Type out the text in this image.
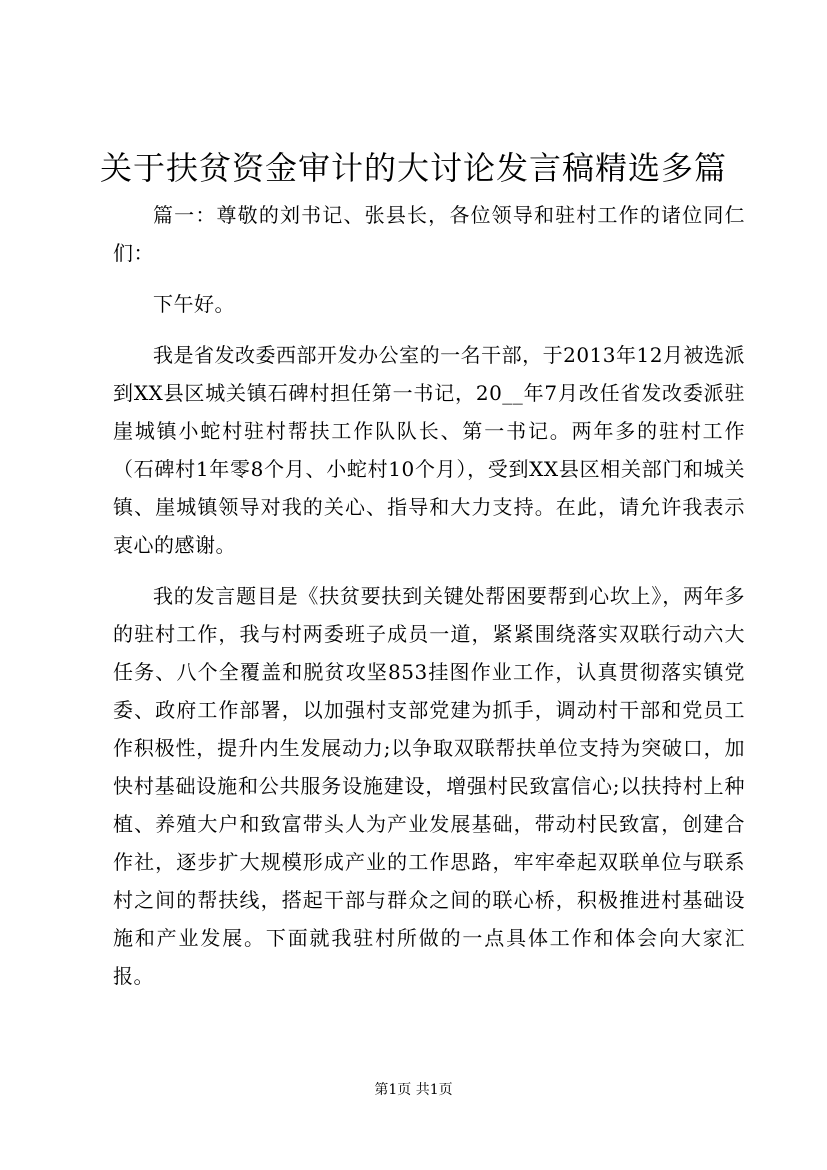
关于扶贫资金审计的大讨论发言稿精选多篇

篇一：尊敬的刘书记、张县长，各位领导和驻村工作的诸位同仁们：

下午好。

我是省发改委西部开发办公室的一名干部，于2013年12月被选派到XX县区城关镇石碑村担任第一书记，20__年7月改任省发改委派驻崖城镇小蛇村驻村帮扶工作队队长、第一书记。两年多的驻村工作（石碑村1年零8个月、小蛇村10个月），受到XX县区相关部门和城关镇、崖城镇领导对我的关心、指导和大力支持。在此，请允许我表示衷心的感谢。

我的发言题目是《扶贫要扶到关键处帮困要帮到心坎上》，两年多的驻村工作，我与村两委班子成员一道，紧紧围绕落实双联行动六大任务、八个全覆盖和脱贫攻坚853挂图作业工作，认真贯彻落实镇党委、政府工作部署，以加强村支部党建为抓手，调动村干部和党员工作积极性，提升内生发展动力;以争取双联帮扶单位支持为突破口，加快村基础设施和公共服务设施建设，增强村民致富信心;以扶持村上种植、养殖大户和致富带头人为产业发展基础，带动村民致富，创建合作社，逐步扩大规模形成产业的工作思路，牢牢牵起双联单位与联系村之间的帮扶线，搭起干部与群众之间的联心桥，积极推进村基础设施和产业发展。下面就我驻村所做的一点具体工作和体会向大家汇报。

第1页 共1页
